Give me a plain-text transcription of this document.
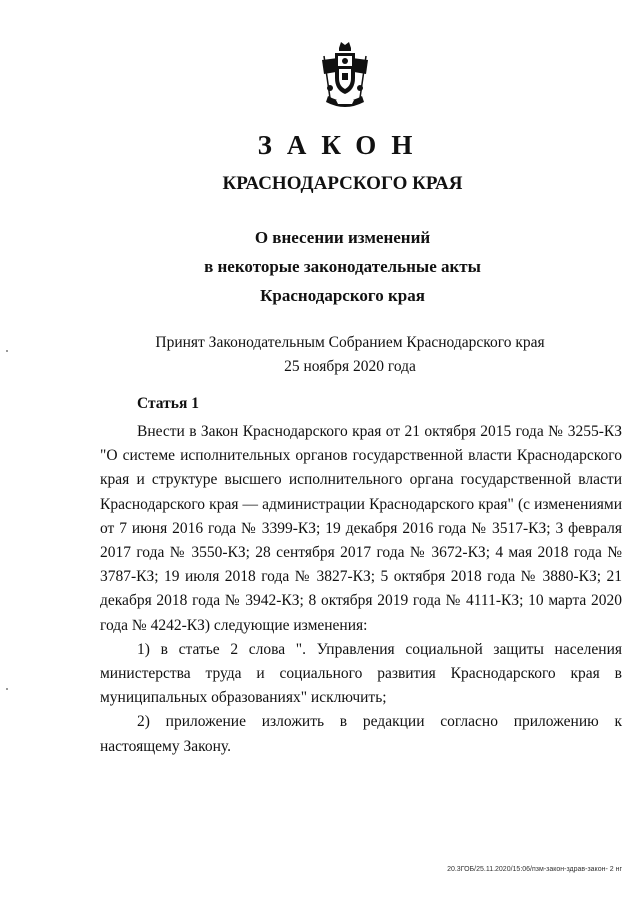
ЗАКОН
КРАСНОДАРСКОГО КРАЯ
О внесении изменений
в некоторые законодательные акты
Краснодарского края
Принят Законодательным Собранием Краснодарского края
25 ноября 2020 года
Статья 1

Внести в Закон Краснодарского края от 21 октября 2015 года № 3255-КЗ "О системе исполнительных органов государственной власти Краснодарского края и структуре высшего исполнительного органа государственной власти Краснодарского края — администрации Краснодарского края" (с изменениями от 7 июня 2016 года № 3399-КЗ; 19 декабря 2016 года № 3517-КЗ; 3 февраля 2017 года № 3550-КЗ; 28 сентября 2017 года № 3672-КЗ; 4 мая 2018 года № 3787-КЗ; 19 июля 2018 года № 3827-КЗ; 5 октября 2018 года № 3880-КЗ; 21 декабря 2018 года № 3942-КЗ; 8 октября 2019 года № 4111-КЗ; 10 марта 2020 года № 4242-КЗ) следующие изменения:

1) в статье 2 слова ". Управления социальной защиты населения министерства труда и социального развития Краснодарского края в муниципальных образованиях" исключить;

2) приложение изложить в редакции согласно приложению к настоящему Закону.

20.3ГОБ/25.11.2020/15:06/пзм-закон-здрав-закон- 2 нг
